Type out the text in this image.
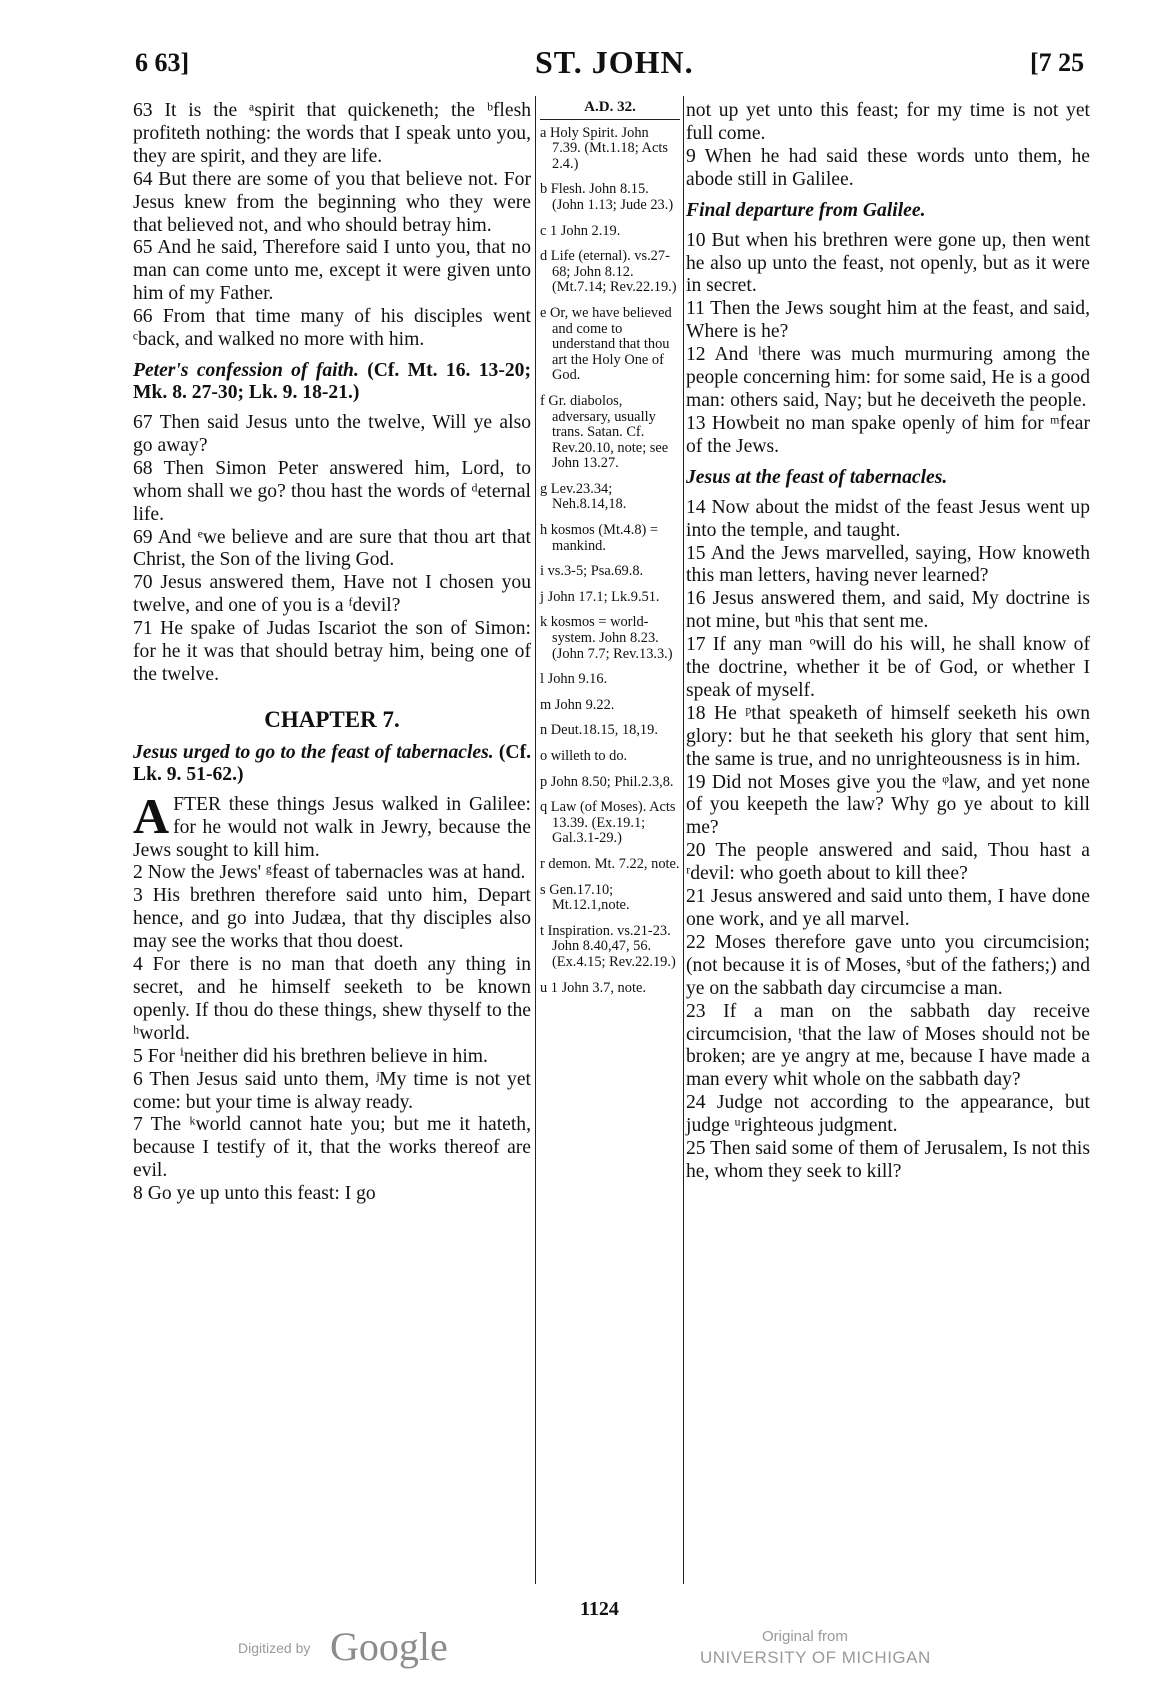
6 63]	ST. JOHN.	[7 25

63 It is the ᵃspirit that quickeneth; the ᵇflesh profiteth nothing: the words that I speak unto you, they are spirit, and they are life.

64 But there are some of you that believe not. For Jesus knew from the beginning who they were that believed not, and who should betray him.

65 And he said, Therefore said I unto you, that no man can come unto me, except it were given unto him of my Father.

66 From that time many of his disciples went ᶜback, and walked no more with him.

Peter's confession of faith. (Cf. Mt. 16. 13-20; Mk. 8. 27-30; Lk. 9. 18-21.)

67 Then said Jesus unto the twelve, Will ye also go away?

68 Then Simon Peter answered him, Lord, to whom shall we go? thou hast the words of ᵈeternal life.

69 And ᵉwe believe and are sure that thou art that Christ, the Son of the living God.

70 Jesus answered them, Have not I chosen you twelve, and one of you is a ᶠdevil?

71 He spake of Judas Iscariot the son of Simon: for he it was that should betray him, being one of the twelve.

CHAPTER 7.

Jesus urged to go to the feast of tabernacles. (Cf. Lk. 9. 51-62.)

AFTER these things Jesus walked in Galilee: for he would not walk in Jewry, because the Jews sought to kill him.

2 Now the Jews' ᵍfeast of tabernacles was at hand.

3 His brethren therefore said unto him, Depart hence, and go into Judæa, that thy disciples also may see the works that thou doest.

4 For there is no man that doeth any thing in secret, and he himself seeketh to be known openly. If thou do these things, shew thyself to the ʰworld.

5 For ⁱneither did his brethren believe in him.

6 Then Jesus said unto them, ʲMy time is not yet come: but your time is alway ready.

7 The ᵏworld cannot hate you; but me it hateth, because I testify of it, that the works thereof are evil.

8 Go ye up unto this feast: I go

A.D. 32.
a Holy Spirit. John 7.39. (Mt.1.18; Acts 2.4.)
b Flesh. John 8.15. (John 1.13; Jude 23.)
c 1 John 2.19.
d Life (eternal). vs.27-68; John 8.12. (Mt.7.14; Rev.22.19.)
e Or, we have believed and come to understand that thou art the Holy One of God.
f Gr. diabolos, adversary, usually trans. Satan. Cf. Rev.20.10, note; see John 13.27.
g Lev.23.34; Neh.8.14,18.
h kosmos (Mt.4.8) = mankind.
i vs.3-5; Psa.69.8.
j John 17.1; Lk.9.51.
k kosmos = world-system. John 8.23. (John 7.7; Rev.13.3.)
l John 9.16.
m John 9.22.
n Deut.18.15, 18,19.
o willeth to do.
p John 8.50; Phil.2.3,8.
q Law (of Moses). Acts 13.39. (Ex.19.1; Gal.3.1-29.)
r demon. Mt. 7.22, note.
s Gen.17.10; Mt.12.1,note.
t Inspiration. vs.21-23. John 8.40,47, 56. (Ex.4.15; Rev.22.19.)
u 1 John 3.7, note.

not up yet unto this feast; for my time is not yet full come.

9 When he had said these words unto them, he abode still in Galilee.

Final departure from Galilee.

10 But when his brethren were gone up, then went he also up unto the feast, not openly, but as it were in secret.

11 Then the Jews sought him at the feast, and said, Where is he?

12 And ˡthere was much murmuring among the people concerning him: for some said, He is a good man: others said, Nay; but he deceiveth the people.

13 Howbeit no man spake openly of him for ᵐfear of the Jews.

Jesus at the feast of tabernacles.

14 Now about the midst of the feast Jesus went up into the temple, and taught.

15 And the Jews marvelled, saying, How knoweth this man letters, having never learned?

16 Jesus answered them, and said, My doctrine is not mine, but ⁿhis that sent me.

17 If any man ᵒwill do his will, he shall know of the doctrine, whether it be of God, or whether I speak of myself.

18 He ᵖthat speaketh of himself seeketh his own glory: but he that seeketh his glory that sent him, the same is true, and no unrighteousness is in him.

19 Did not Moses give you the ᵠlaw, and yet none of you keepeth the law? Why go ye about to kill me?

20 The people answered and said, Thou hast a ʳdevil: who goeth about to kill thee?

21 Jesus answered and said unto them, I have done one work, and ye all marvel.

22 Moses therefore gave unto you circumcision; (not because it is of Moses, ˢbut of the fathers;) and ye on the sabbath day circumcise a man.

23 If a man on the sabbath day receive circumcision, ᵗthat the law of Moses should not be broken; are ye angry at me, because I have made a man every whit whole on the sabbath day?

24 Judge not according to the appearance, but judge ᵘrighteous judgment.

25 Then said some of them of Jerusalem, Is not this he, whom they seek to kill?

1124
Digitized by Google	Original from
UNIVERSITY OF MICHIGAN
